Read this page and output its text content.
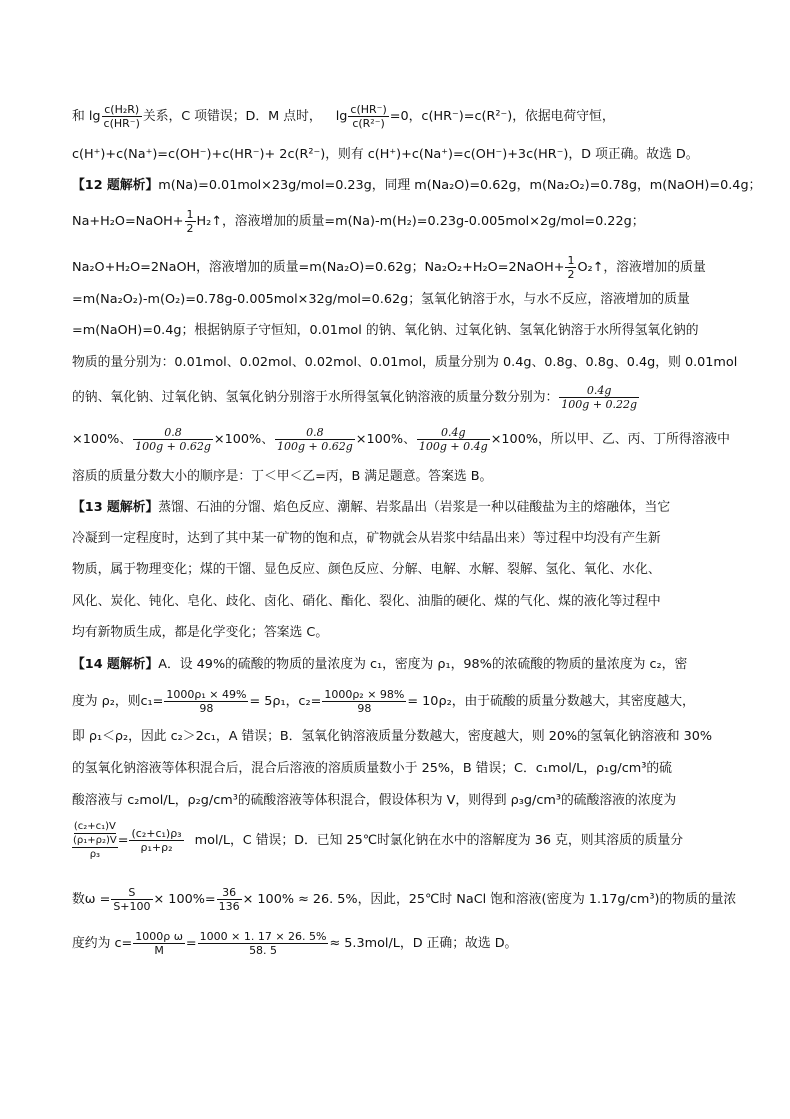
和 $\lg \frac{\text{c(H₂R)}}{c(HR^-)}$ 关系，C 项错误；D．M 点时， $\lg \frac{c(HR^-)}{\text{c(R²⁻)}} =0$，c(HR⁻)=c(R²⁻)，依据电荷守恒，
c(H⁺)+c(Na⁺)=c(OH⁻)+c(HR⁻)+ 2c(R²⁻)，则有 c(H⁺)+c(Na⁺)=c(OH⁻)+3c(HR⁻)，D 项正确。故选 D。
【12 题解析】m(Na)=0.01mol×23g/mol=0.23g，同理 m(Na₂O)=0.62g，m(Na₂O₂)=0.78g，m(NaOH)=0.4g；
Na+H₂O=NaOH+ $\frac{1}{2}$ H₂↑，溶液增加的质量=m(Na)-m(H₂)=0.23g-0.005mol×2g/mol=0.22g；
Na₂O+H₂O=2NaOH，溶液增加的质量=m(Na₂O)=0.62g；Na₂O₂+H₂O=2NaOH+ $\frac{1}{2}$ O₂↑，溶液增加的质量
=m(Na₂O₂)-m(O₂)=0.78g-0.005mol×32g/mol=0.62g；氢氧化钠溶于水，与水不反应，溶液增加的质量
=m(NaOH)=0.4g；根据钠原子守恒知，0.01mol 的钠、氧化钠、过氧化钠、氢氧化钠溶于水所得氢氧化钠的
物质的量分别为：0.01mol、0.02mol、0.02mol、0.01mol，质量分别为 0.4g、0.8g、0.8g、0.4g，则 0.01mol
的钠、氧化钠、过氧化钠、氢氧化钠分别溶于水所得氢氧化钠溶液的质量分数分别为： $\frac{0.4g}{100g + 0.22g}$
×100%、 $\frac{0.8}{100g + 0.62g} \times 100\%$、 $\frac{0.8}{100g + 0.62g} \times 100\%$、 $\frac{0.4g}{100g + 0.4g} \times 100\%$，所以甲、乙、丙、丁所得溶液中
溶质的质量分数大小的顺序是：丁＜甲＜乙=丙，B 满足题意。答案选 B。
【13 题解析】蒸馏、石油的分馏、焰色反应、潮解、岩浆晶出（岩浆是一种以硅酸盐为主的熔融体，当它
冷凝到一定程度时，达到了其中某一矿物的饱和点，矿物就会从岩浆中结晶出来）等过程中均没有产生新
物质，属于物理变化；煤的干馏、显色反应、颜色反应、分解、电解、水解、裂解、氢化、氧化、水化、
风化、炭化、钝化、皂化、歧化、卤化、硝化、酯化、裂化、油脂的硬化、煤的气化、煤的液化等过程中
均有新物质生成，都是化学变化；答案选 C。
【14 题解析】A．设 49%的硫酸的物质的量浓度为 c₁，密度为 ρ₁，98%的浓硫酸的物质的量浓度为 c₂，密
度为 ρ₂，则$c_1= \frac{\text{1000ρ₁ × 49\%}}{98} = 5\rho_1$，$c_2= \frac{\text{1000ρ₂ × 98\%}}{98} = 10\rho_2$，由于硫酸的质量分数越大，其密度越大，
即 ρ₁＜ρ₂，因此 c₂＞2c₁，A 错误；B．氢氧化钠溶液质量分数越大，密度越大，则 20%的氢氧化钠溶液和 30%
的氢氧化钠溶液等体积混合后，混合后溶液的溶质质量数小于 25%，B 错误；C．c₁mol/L，ρ₁g/cm³的硫
酸溶液与 c₂mol/L，ρ₂g/cm³的硫酸溶液等体积混合，假设体积为 V，则得到 ρ₃g/cm³的硫酸溶液的浓度为
(c₂+c₁)V
(ρ₁+ρ₂)V
ρ₃
= $\frac{\text{(c₂+c₁)ρ₃}}{\text{ρ₁+ρ₂}} mol/L$，C 错误；D．已知 25℃时氯化钠在水中的溶解度为 36 克，则其溶质的质量分
数$\omega = \frac{S}{S+100} \times 100\%= \frac{36}{136} \times 100\% \approx 26$. 5%，因此，25℃时 NaCl 饱和溶液(密度为 1.17g/cm³)的物质的量浓
度约为 $c= \frac{\text{1000ρ ω}}{M} = \frac{1000 \times 1. 17 \times 26. 5\%}{58. 5} \approx 5.3mol/L$，D 正确；故选 D。
